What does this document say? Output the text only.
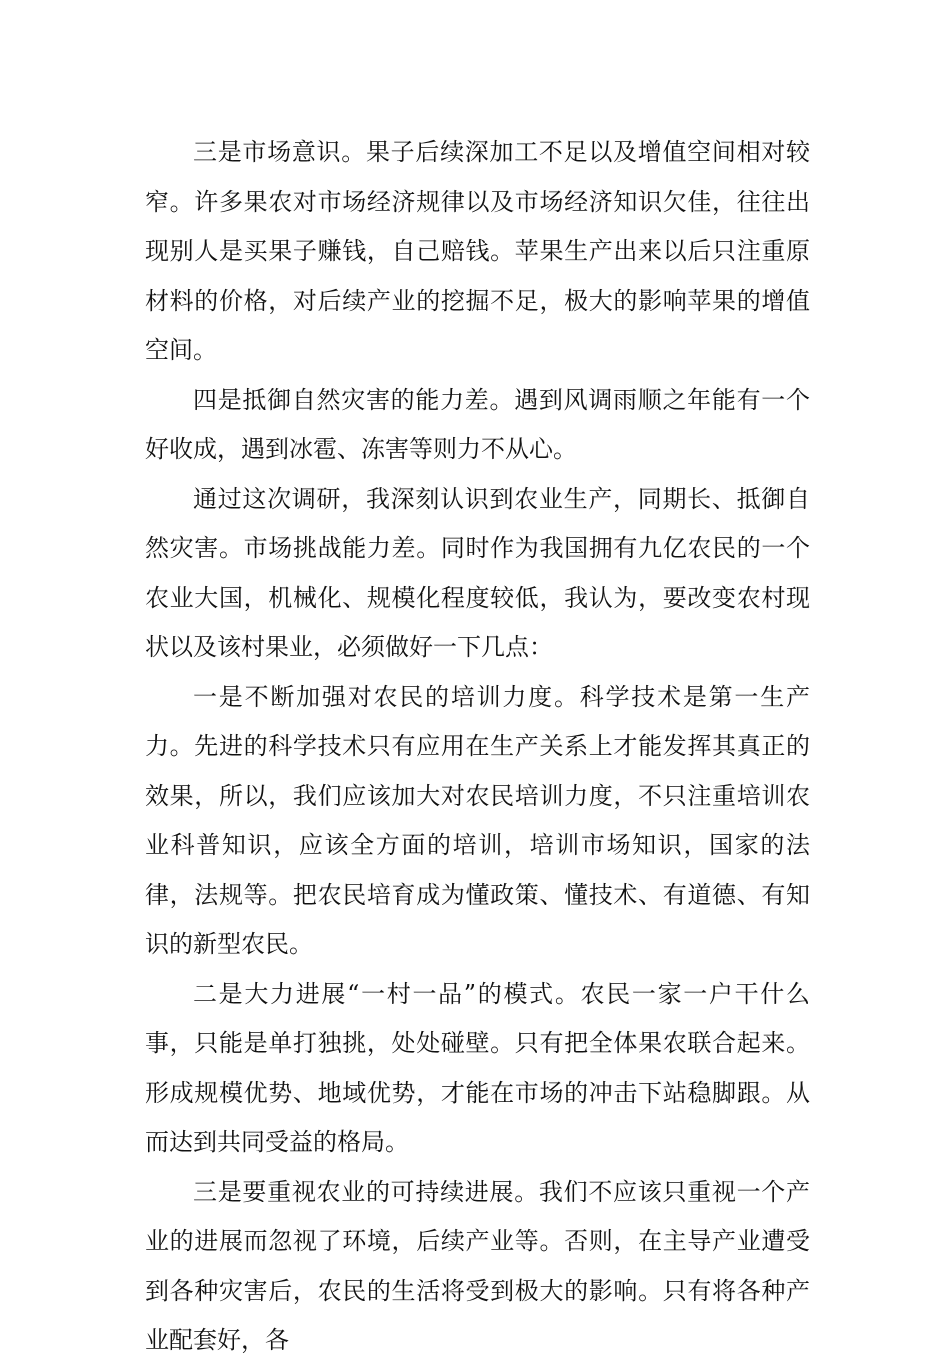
三是市场意识。果子后续深加工不足以及增值空间相对较窄。许多果农对市场经济规律以及市场经济知识欠佳，往往出现别人是买果子赚钱，自己赔钱。苹果生产出来以后只注重原材料的价格，对后续产业的挖掘不足，极大的影响苹果的增值空间。

四是抵御自然灾害的能力差。遇到风调雨顺之年能有一个好收成，遇到冰雹、冻害等则力不从心。

通过这次调研，我深刻认识到农业生产，同期长、抵御自然灾害。市场挑战能力差。同时作为我国拥有九亿农民的一个农业大国，机械化、规模化程度较低，我认为，要改变农村现状以及该村果业，必须做好一下几点：

一是不断加强对农民的培训力度。科学技术是第一生产力。先进的科学技术只有应用在生产关系上才能发挥其真正的效果，所以，我们应该加大对农民培训力度，不只注重培训农业科普知识，应该全方面的培训，培训市场知识，国家的法律，法规等。把农民培育成为懂政策、懂技术、有道德、有知识的新型农民。

二是大力进展“一村一品”的模式。农民一家一户干什么事，只能是单打独挑，处处碰壁。只有把全体果农联合起来。形成规模优势、地域优势，才能在市场的冲击下站稳脚跟。从而达到共同受益的格局。

三是要重视农业的可持续进展。我们不应该只重视一个产业的进展而忽视了环境，后续产业等。否则，在主导产业遭受到各种灾害后，农民的生活将受到极大的影响。只有将各种产业配套好，各
